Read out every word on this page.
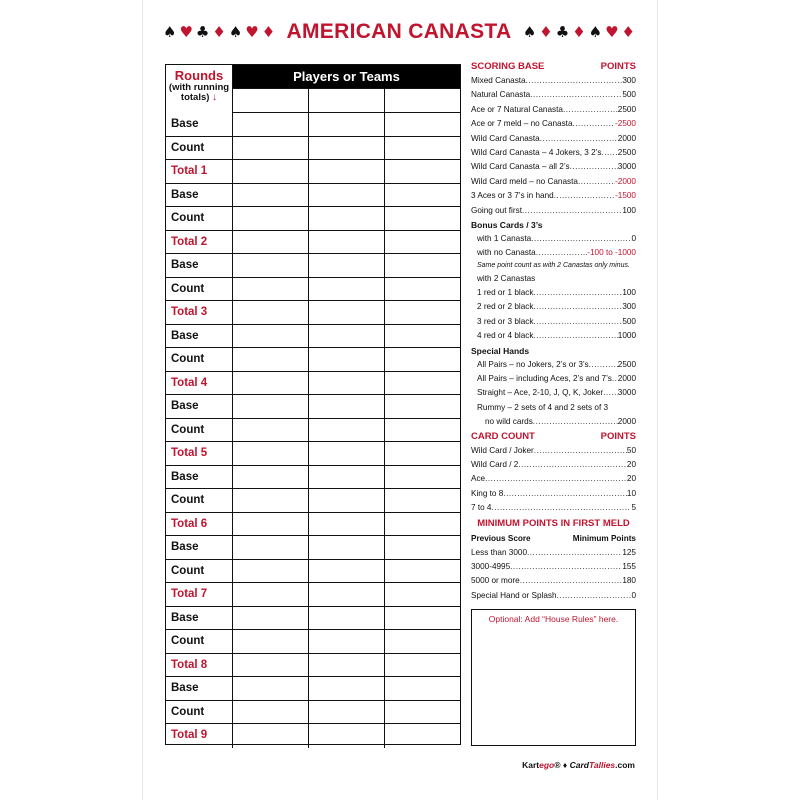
♠ ♥ ♣ ♦ ♠ ♥ ♦ AMERICAN CANASTA ♠ ♦ ♣ ♦ ♠ ♥ ♦
Rounds
(with running totals) ↓
Players or Teams
Base
Count
Total 1
Base
Count
Total 2
Base
Count
Total 3
Base
Count
Total 4
Base
Count
Total 5
Base
Count
Total 6
Base
Count
Total 7
Base
Count
Total 8
Base
Count
Total 9
SCORING BASE	POINTS
Mixed Canasta .....	300
Natural Canasta .....	500
Ace or 7 Natural Canasta .....	2500
Ace or 7 meld – no Canasta .....	-2500
Wild Card Canasta .....	2000
Wild Card Canasta – 4 Jokers, 3 2’s ..... 2500
Wild Card Canasta – all 2’s .....	3000
Wild Card meld – no Canasta .....	-2000
3 Aces or 3 7’s in hand .....	-1500
Going out first .....	100
Bonus Cards / 3’s
with 1 Canasta .....	0
with no Canasta .....	-100 to -1000
Same point count as with 2 Canastas only minus.
with 2 Canastas
1 red or 1 black .....	100
2 red or 2 black .....	300
3 red or 3 black .....	500
4 red or 4 black .....	1000
Special Hands
All Pairs – no Jokers, 2’s or 3’s .....	2500
All Pairs – including Aces, 2’s and 7’s ..... 2000
Straight – Ace, 2-10, J, Q, K, Joker ..... 3000
Rummy – 2 sets of 4 and 2 sets of 3
no wild cards .....	2000
CARD COUNT	POINTS
Wild Card / Joker .....	50
Wild Card / 2 .....	20
Ace .....	20
King to 8 .....	10
7 to 4 .....	5
MINIMUM POINTS IN FIRST MELD
Previous Score	Minimum Points
Less than 3000 .....	125
3000-4995 .....	155
5000 or more .....	180
Special Hand or Splash .....	0
Optional: Add “House Rules” here.
Kartego® ♦ CardTallies.com
